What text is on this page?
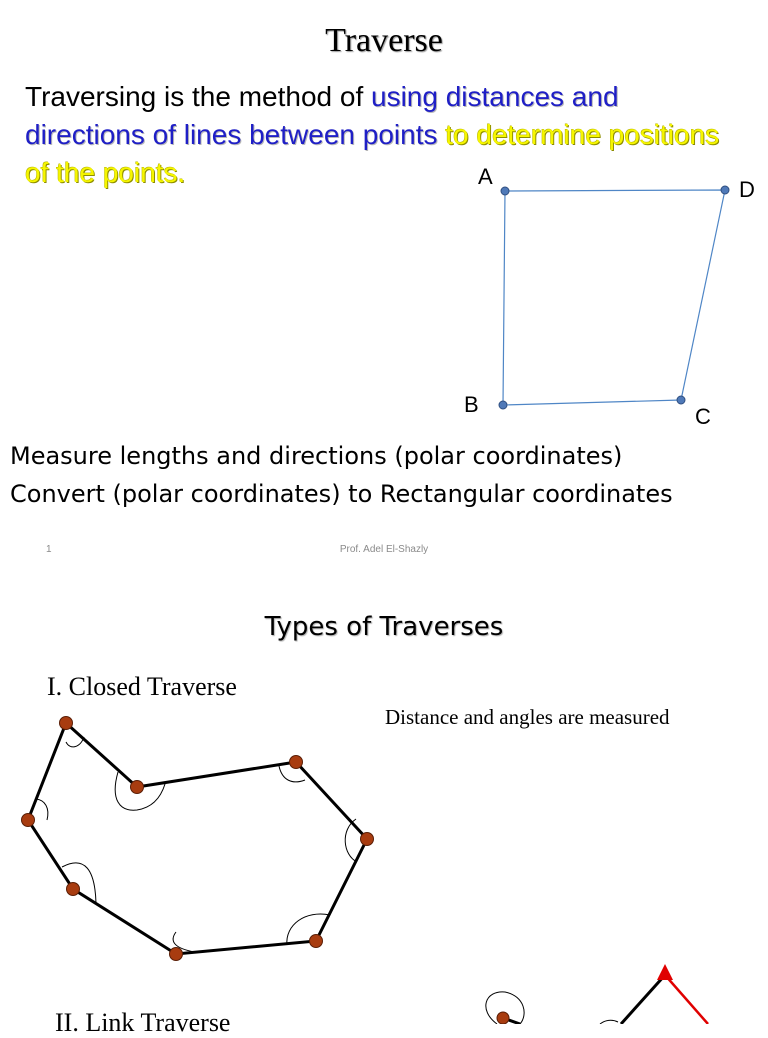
Traverse
Traversing is the method of using distances and directions of lines between points to determine positions of the points.	A
D
B	C
Measure lengths and directions (polar coordinates)
Convert (polar coordinates) to Rectangular coordinates
1	Prof. Adel El-Shazly
Types of Traverses
I. Closed Traverse
Distance and angles are measured
II. Link Traverse
